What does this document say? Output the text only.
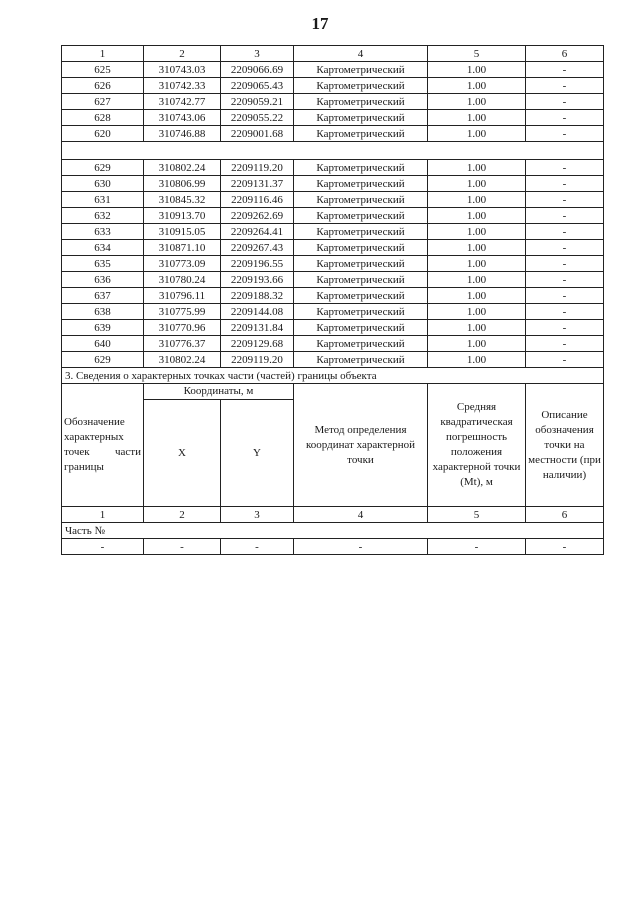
17
1	2	3	4	5	6
625	310743.03	2209066.69	Картометрический	1.00	-
626	310742.33	2209065.43	Картометрический	1.00	-
627	310742.77	2209059.21	Картометрический	1.00	-
628	310743.06	2209055.22	Картометрический	1.00	-
620	310746.88	2209001.68	Картометрический	1.00	-

629	310802.24	2209119.20	Картометрический	1.00	-
630	310806.99	2209131.37	Картометрический	1.00	-
631	310845.32	2209116.46	Картометрический	1.00	-
632	310913.70	2209262.69	Картометрический	1.00	-
633	310915.05	2209264.41	Картометрический	1.00	-
634	310871.10	2209267.43	Картометрический	1.00	-
635	310773.09	2209196.55	Картометрический	1.00	-
636	310780.24	2209193.66	Картометрический	1.00	-
637	310796.11	2209188.32	Картометрический	1.00	-
638	310775.99	2209144.08	Картометрический	1.00	-
639	310770.96	2209131.84	Картометрический	1.00	-
640	310776.37	2209129.68	Картометрический	1.00	-
629	310802.24	2209119.20	Картометрический	1.00	-
3. Сведения о характерных точках части (частей) границы объекта					
Обозначение характерных точек части границы	Координаты, м		Метод определения координат характерной точки	Средняя квадратическая погрешность положения характерной точки (Мt), м	Описание обозначения точки на местности (при наличии)
	X	Y			
1	2	3	4	5	6
Часть №					
-	-	-	-	-	-
